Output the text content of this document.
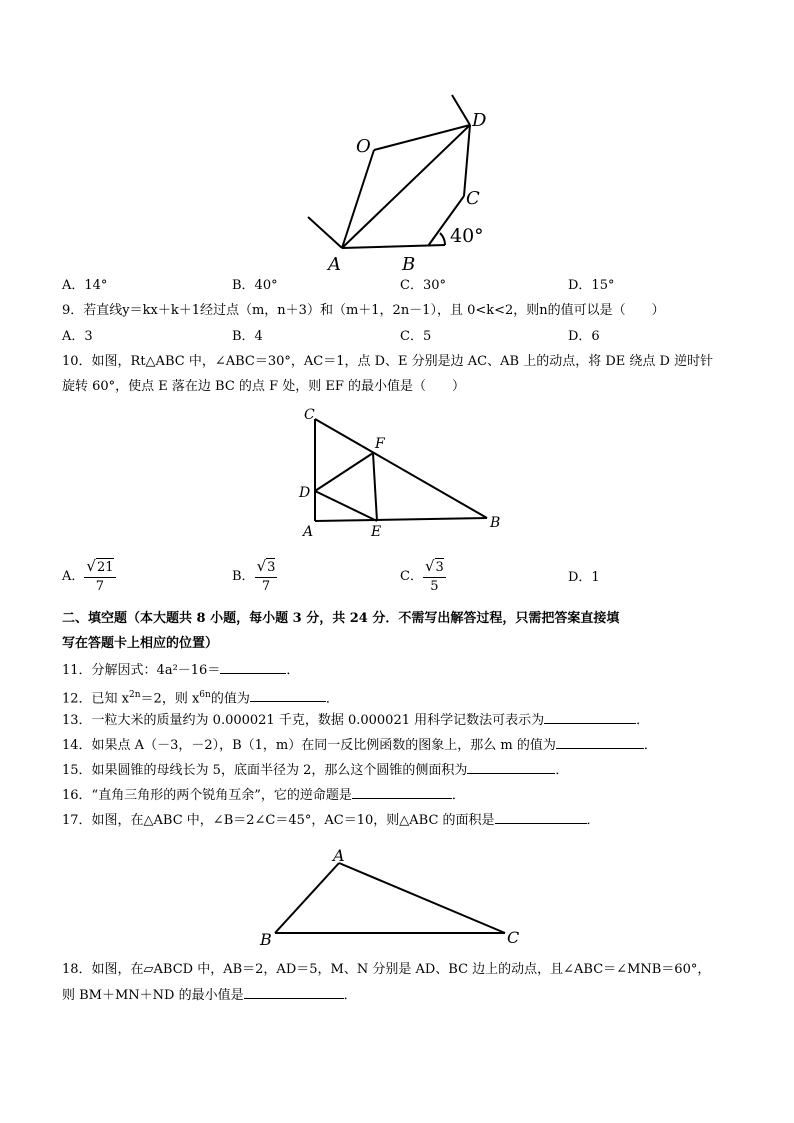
O
D
C
A	B
40°
A．14°	B．40°	C．30°	D．15°
9．若直线y＝kx＋k＋1经过点（m，n＋3）和（m＋1，2n－1），且 0<k<2，则n的值可以是（　　）
A．3	B．4	C．5	D．6
10．如图，Rt△ABC 中，∠ABC＝30°，AC＝1，点 D、E 分别是边 AC、AB 上的动点，将 DE 绕点 D 逆时针
旋转 60°，使点 E 落在边 BC 的点 F 处，则 EF 的最小值是（　　）
C
F
D
A	E
B
A． $\frac{√21}{7}$	B． $\frac{√3}{7}$	C． $\frac{√3}{5}$	D．1
二、填空题（本大题共 8 小题，每小题 3 分，共 24 分．不需写出解答过程，只需把答案直接填
写在答题卡上相应的位置）
11．分解因式：4a²－16＝	．
12．已知 $x^{2n}=2$，则 $x^{6n}$的值为	．
13．一粒大米的质量约为 0.000021 千克，数据 0.000021 用科学记数法可表示为	．
14．如果点 A（－3，－2），B（1，m）在同一反比例函数的图象上，那么 m 的值为	．
15．如果圆锥的母线长为 5，底面半径为 2，那么这个圆锥的侧面积为	．
16．“直角三角形的两个锐角互余”，它的逆命题是	．
17．如图，在△ABC 中，∠B＝2∠C＝45°，AC＝10，则△ABC 的面积是	．
A
B	C
18．如图，在▱ABCD 中，AB＝2，AD＝5，M、N 分别是 AD、BC 边上的动点，且∠ABC＝∠MNB＝60°，
则 BM＋MN＋ND 的最小值是	．
